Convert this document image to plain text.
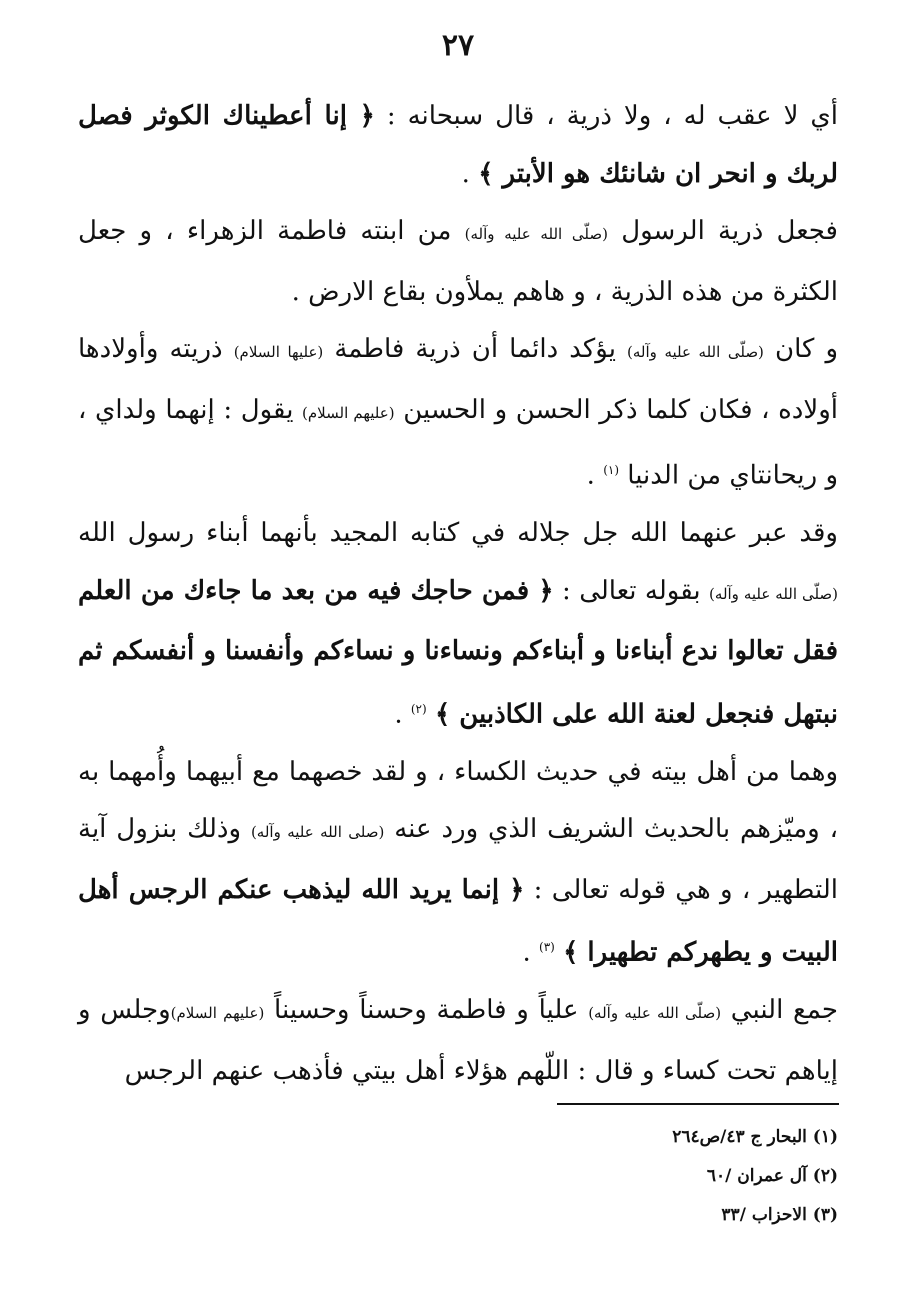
٢٧

أي لا عقب له ، ولا ذرية ، قال سبحانه : ﴿ إنا أعطيناك الكوثر فصل لربك و انحر ان شانئك هو الأبتر ﴾ .

فجعل ذرية الرسول (صلّى الله عليه وآله) من ابنته فاطمة الزهراء ، و جعل الكثرة من هذه الذرية ، و هاهم يملأون بقاع الارض .

و كان (صلّى الله عليه وآله) يؤكد دائما أن ذرية فاطمة (عليها السلام) ذريته وأولادها أولاده ، فكان كلما ذكر الحسن و الحسين (عليهم السلام) يقول : إنهما ولداي ، و ريحانتاي من الدنيا $^{(١)}$ .

وقد عبر عنهما الله جل جلاله في كتابه المجيد بأنهما أبناء رسول الله (صلّى الله عليه وآله) بقوله تعالى : ﴿ فمن حاجك فيه من بعد ما جاءك من العلم فقل تعالوا ندع أبناءنا و أبناءكم ونساءنا و نساءكم وأنفسنا و أنفسكم ثم نبتهل فنجعل لعنة الله على الكاذبين ﴾ $^{(٢)}$ .

وهما من أهل بيته في حديث الكساء ، و لقد خصهما مع أبيهما وأُمهما به ، وميّزهم بالحديث الشريف الذي ورد عنه (صلى الله عليه وآله) وذلك بنزول آية التطهير ، و هي قوله تعالى : ﴿ إنما يريد الله ليذهب عنكم الرجس أهل البيت و يطهركم تطهيرا ﴾ $^{(٣)}$ .

جمع النبي (صلّى الله عليه وآله) علياً و فاطمة وحسناً وحسيناً (عليهم السلام)وجلس و إياهم تحت كساء و قال : اللّهم هؤلاء أهل بيتي فأذهب عنهم الرجس

(١) البحار ج ٤٣/ص٢٦٤

(٢) آل عمران /٦٠

(٣) الاحزاب /٣٣
